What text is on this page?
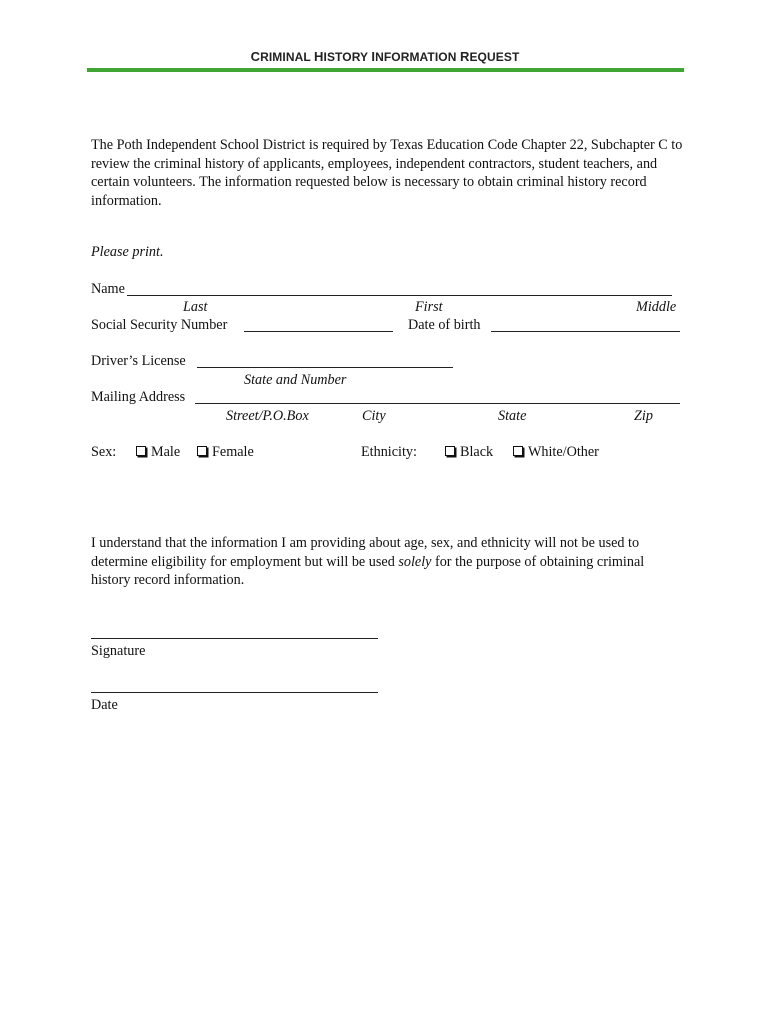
CRIMINAL HISTORY INFORMATION REQUEST
The Poth Independent School District is required by Texas Education Code Chapter 22, Subchapter C to review the criminal history of applicants, employees, independent contractors, student teachers, and certain volunteers. The information requested below is necessary to obtain criminal history record information.
Please print.
Name
Last	First	Middle
Social Security Number	Date of birth
Driver’s License
State and Number
Mailing Address
Street/P.O.Box	City	State	Zip
Sex:	Male	Female	Ethnicity:	Black	White/Other
I understand that the information I am providing about age, sex, and ethnicity will not be used to determine eligibility for employment but will be used solely for the purpose of obtaining criminal history record information.
Signature
Date
